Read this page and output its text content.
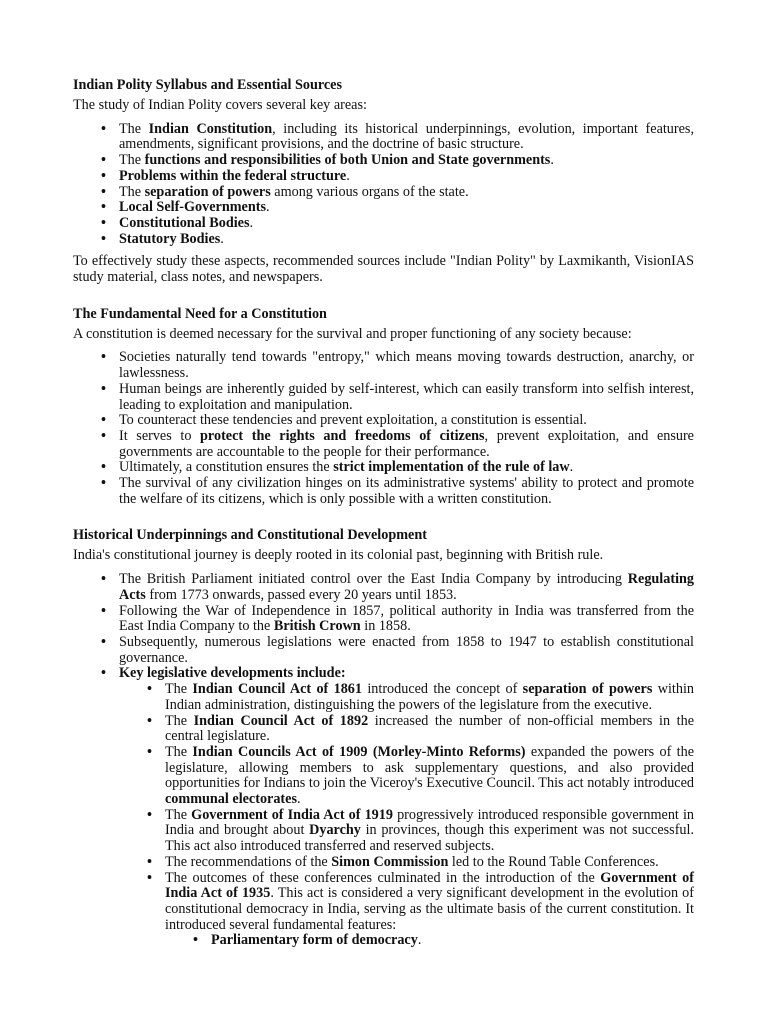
Indian Polity Syllabus and Essential Sources

The study of Indian Polity covers several key areas:

• The Indian Constitution, including its historical underpinnings, evolution, important features, amendments, significant provisions, and the doctrine of basic structure.
• The functions and responsibilities of both Union and State governments.
• Problems within the federal structure.
• The separation of powers among various organs of the state.
• Local Self-Governments.
• Constitutional Bodies.
• Statutory Bodies.

To effectively study these aspects, recommended sources include "Indian Polity" by Laxmikanth, VisionIAS study material, class notes, and newspapers.

The Fundamental Need for a Constitution

A constitution is deemed necessary for the survival and proper functioning of any society because:

• Societies naturally tend towards "entropy," which means moving towards destruction, anarchy, or lawlessness.
• Human beings are inherently guided by self-interest, which can easily transform into selfish interest, leading to exploitation and manipulation.
• To counteract these tendencies and prevent exploitation, a constitution is essential.
• It serves to protect the rights and freedoms of citizens, prevent exploitation, and ensure governments are accountable to the people for their performance.
• Ultimately, a constitution ensures the strict implementation of the rule of law.
• The survival of any civilization hinges on its administrative systems' ability to protect and promote the welfare of its citizens, which is only possible with a written constitution.
Historical Underpinnings and Constitutional Development

India's constitutional journey is deeply rooted in its colonial past, beginning with British rule.

• The British Parliament initiated control over the East India Company by introducing Regulating Acts from 1773 onwards, passed every 20 years until 1853.
• Following the War of Independence in 1857, political authority in India was transferred from the East India Company to the British Crown in 1858.
• Subsequently, numerous legislations were enacted from 1858 to 1947 to establish constitutional governance.
• Key legislative developments include:
• The Indian Council Act of 1861 introduced the concept of separation of powers within Indian administration, distinguishing the powers of the legislature from the executive.
• The Indian Council Act of 1892 increased the number of non-official members in the central legislature.
• The Indian Councils Act of 1909 (Morley-Minto Reforms) expanded the powers of the legislature, allowing members to ask supplementary questions, and also provided opportunities for Indians to join the Viceroy's Executive Council. This act notably introduced communal electorates.
• The Government of India Act of 1919 progressively introduced responsible government in India and brought about Dyarchy in provinces, though this experiment was not successful. This act also introduced transferred and reserved subjects.
• The recommendations of the Simon Commission led to the Round Table Conferences.
• The outcomes of these conferences culminated in the introduction of the Government of India Act of 1935. This act is considered a very significant development in the evolution of constitutional democracy in India, serving as the ultimate basis of the current constitution. It introduced several fundamental features:
• Parliamentary form of democracy.
